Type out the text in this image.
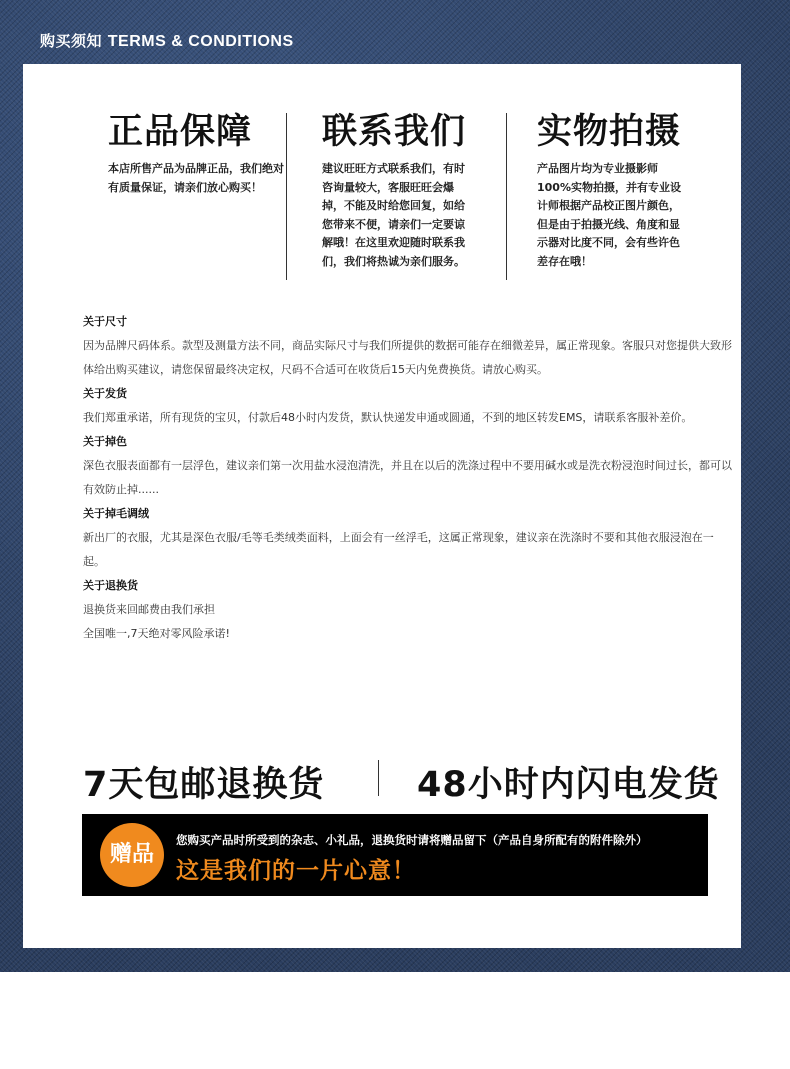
购买须知 TERMS & CONDITIONS
正品保障

本店所售产品为品牌正品，我们绝对有质量保证，请亲们放心购买！

联系我们

建议旺旺方式联系我们，有时咨询量较大，客服旺旺会爆掉，不能及时给您回复，如给您带来不便，请亲们一定要谅解哦！在这里欢迎随时联系我们，我们将热诚为亲们服务。

实物拍摄

产品图片均为专业摄影师100%实物拍摄，并有专业设计师根据产品校正图片颜色，但是由于拍摄光线、角度和显示器对比度不同，会有些许色差存在哦！

关于尺寸
因为品牌尺码体系。款型及测量方法不同，商品实际尺寸与我们所提供的数据可能存在细微差异，属正常现象。客服只对您提供大致形体给出购买建议，请您保留最终决定权，尺码不合适可在收货后15天内免费换货。请放心购买。
关于发货
我们郑重承诺，所有现货的宝贝，付款后48小时内发货，默认快递发申通或圆通，不到的地区转发EMS，请联系客服补差价。
关于掉色
深色衣服表面都有一层浮色，建议亲们第一次用盐水浸泡清洗，并且在以后的洗涤过程中不要用碱水或是洗衣粉浸泡时间过长，都可以有效防止掉......
关于掉毛调绒
新出厂的衣服，尤其是深色衣服/毛等毛类绒类面料，上面会有一丝浮毛，这属正常现象，建议亲在洗涤时不要和其他衣服浸泡在一起。
关于退换货
退换货来回邮费由我们承担
全国唯一,7天绝对零风险承诺!
7天包邮退换货	48小时内闪电发货
赠品
您购买产品时所受到的杂志、小礼品，退换货时请将赠品留下（产品自身所配有的附件除外）
这是我们的一片心意！
